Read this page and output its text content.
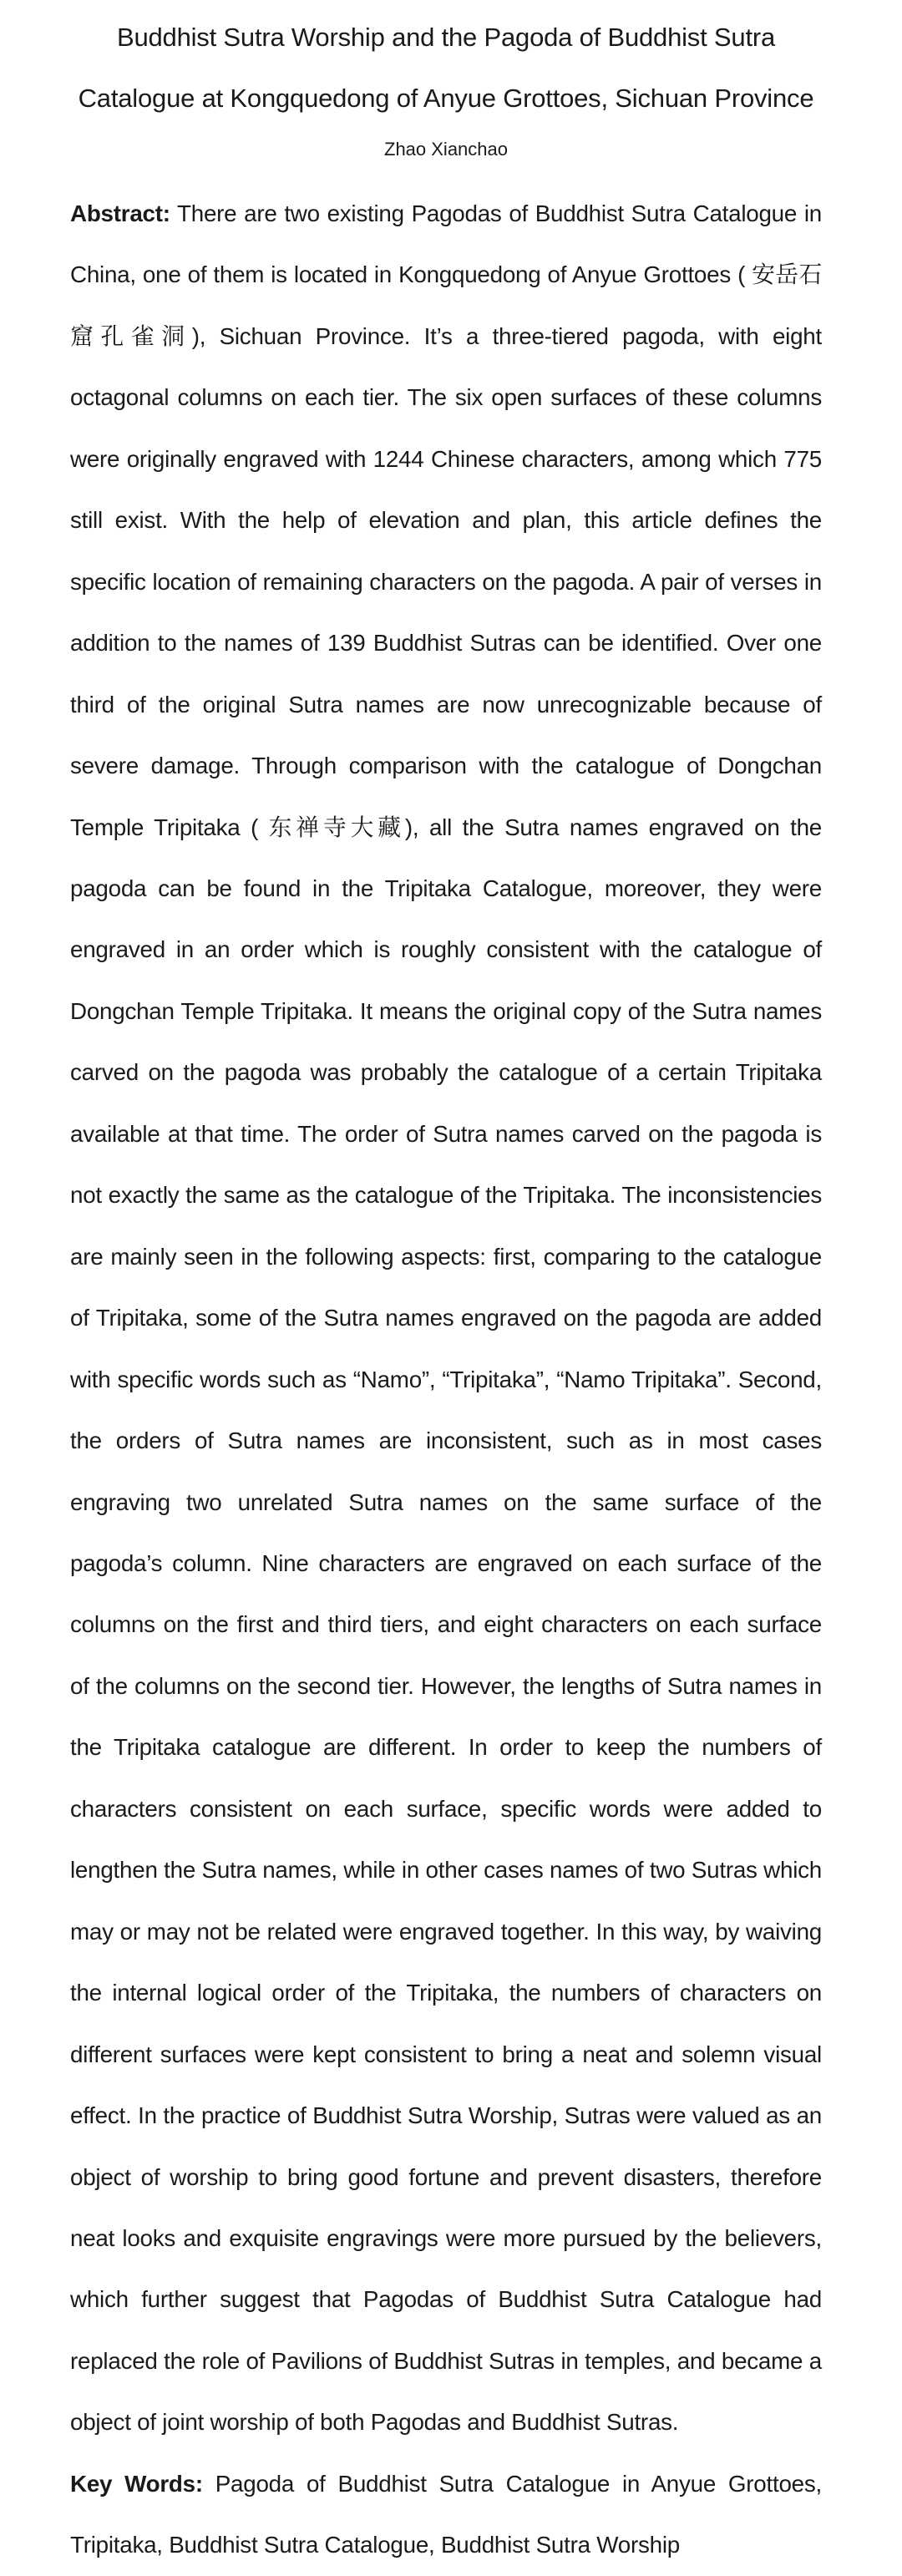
Buddhist Sutra Worship and the Pagoda of Buddhist Sutra
Catalogue at Kongquedong of Anyue Grottoes, Sichuan Province
Zhao Xianchao

Abstract: There are two existing Pagodas of Buddhist Sutra Catalogue in China, one of them is located in Kongquedong of Anyue Grottoes ( 安岳石窟孔雀洞), Sichuan Province. It’s a three-tiered pagoda, with eight octagonal columns on each tier. The six open surfaces of these columns were originally engraved with 1244 Chinese characters, among which 775 still exist. With the help of elevation and plan, this article defines the specific location of remaining characters on the pagoda. A pair of verses in addition to the names of 139 Buddhist Sutras can be identified. Over one third of the original Sutra names are now unrecognizable because of severe damage. Through comparison with the catalogue of Dongchan Temple Tripitaka ( 东禅寺大藏), all the Sutra names engraved on the pagoda can be found in the Tripitaka Catalogue, moreover, they were engraved in an order which is roughly consistent with the catalogue of Dongchan Temple Tripitaka. It means the original copy of the Sutra names carved on the pagoda was probably the catalogue of a certain Tripitaka available at that time. The order of Sutra names carved on the pagoda is not exactly the same as the catalogue of the Tripitaka. The inconsistencies are mainly seen in the following aspects: first, comparing to the catalogue of Tripitaka, some of the Sutra names engraved on the pagoda are added with specific words such as “Namo”, “Tripitaka”, “Namo Tripitaka”. Second, the orders of Sutra names are inconsistent, such as in most cases engraving two unrelated Sutra names on the same surface of the pagoda’s column. Nine characters are engraved on each surface of the columns on the first and third tiers, and eight characters on each surface of the columns on the second tier. However, the lengths of Sutra names in the Tripitaka catalogue are different. In order to keep the numbers of characters consistent on each surface, specific words were added to lengthen the Sutra names, while in other cases names of two Sutras which may or may not be related were engraved together. In this way, by waiving the internal logical order of the Tripitaka, the numbers of characters on different surfaces were kept consistent to bring a neat and solemn visual effect. In the practice of Buddhist Sutra Worship, Sutras were valued as an object of worship to bring good fortune and prevent disasters, therefore neat looks and exquisite engravings were more pursued by the believers, which further suggest that Pagodas of Buddhist Sutra Catalogue had replaced the role of Pavilions of Buddhist Sutras in temples, and became a object of joint worship of both Pagodas and Buddhist Sutras.

Key Words: Pagoda of Buddhist Sutra Catalogue in Anyue Grottoes, Tripitaka, Buddhist Sutra Catalogue, Buddhist Sutra Worship
